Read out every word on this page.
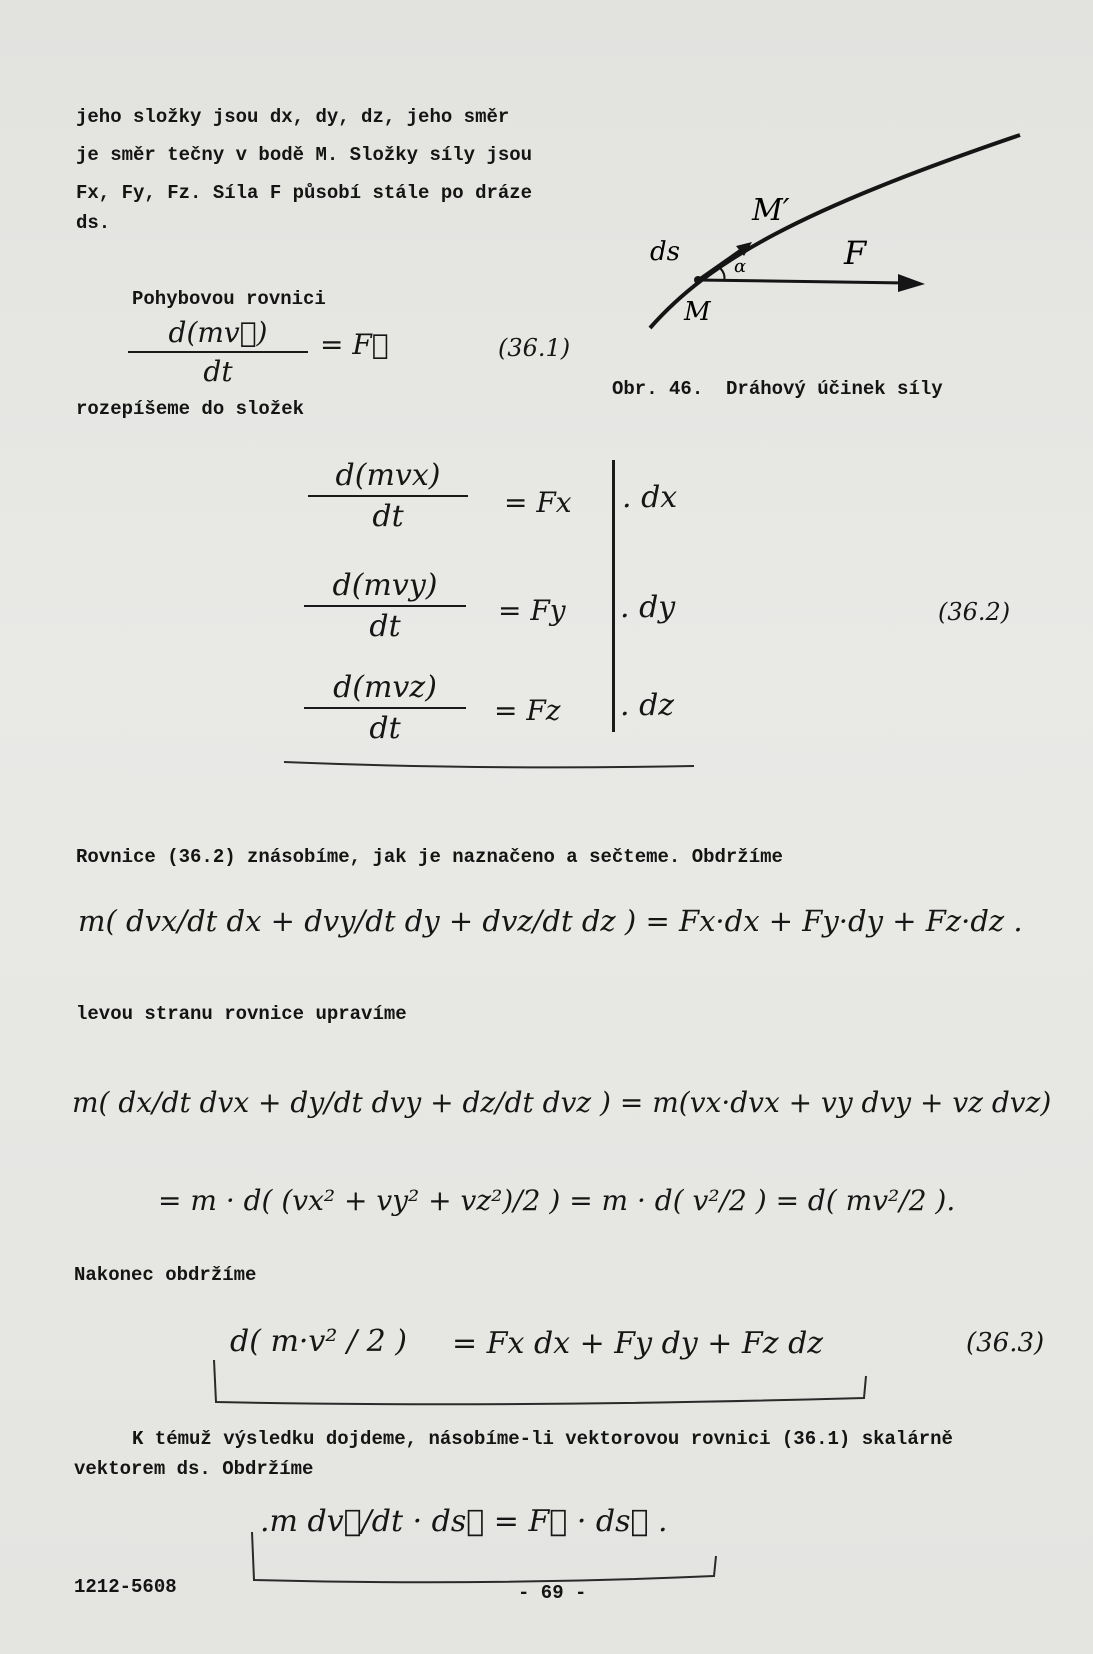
jeho složky jsou dx, dy, dz, jeho směr
je směr tečny v bodě M. Složky síly jsou
Fx, Fy, Fz. Síla F působí stále po dráze
ds.
Pohybovou rovnici
$\frac{d(mv⃗)}{dt}$ = F⃗	(36.1)
rozepíšeme do složek
M′
M
ds	α	F
Obr. 46.  Dráhový účinek síly
d(mvx)
dt	= Fx . dx
d(mvy)
dt	= Fy . dy
d(mvz)
dt
= Fz . dz
(36.2)
Rovnice (36.2) znásobíme, jak je naznačeno a sečteme. Obdržíme
m( dvx/dt dx + dvy/dt dy + dvz/dt dz ) = Fx·dx + Fy·dy + Fz·dz .
levou stranu rovnice upravíme
m( dx/dt dvx + dy/dt dvy + dz/dt dvz ) = m(vx·dvx + vy dvy + vz dvz)
= m · d( (vx² + vy² + vz²)/2 ) = m · d( v²/2 ) = d( mv²/2 ).
Nakonec obdržíme
d( m·v² / 2 ) = Fx dx + Fy dy + Fz dz	(36.3)
K témuž výsledku dojdeme, násobíme-li vektorovou rovnici (36.1) skalárně
vektorem ds. Obdržíme
.m dv⃗/dt · ds⃗ = F⃗ · ds⃗ .
1212-5608	- 69 -
